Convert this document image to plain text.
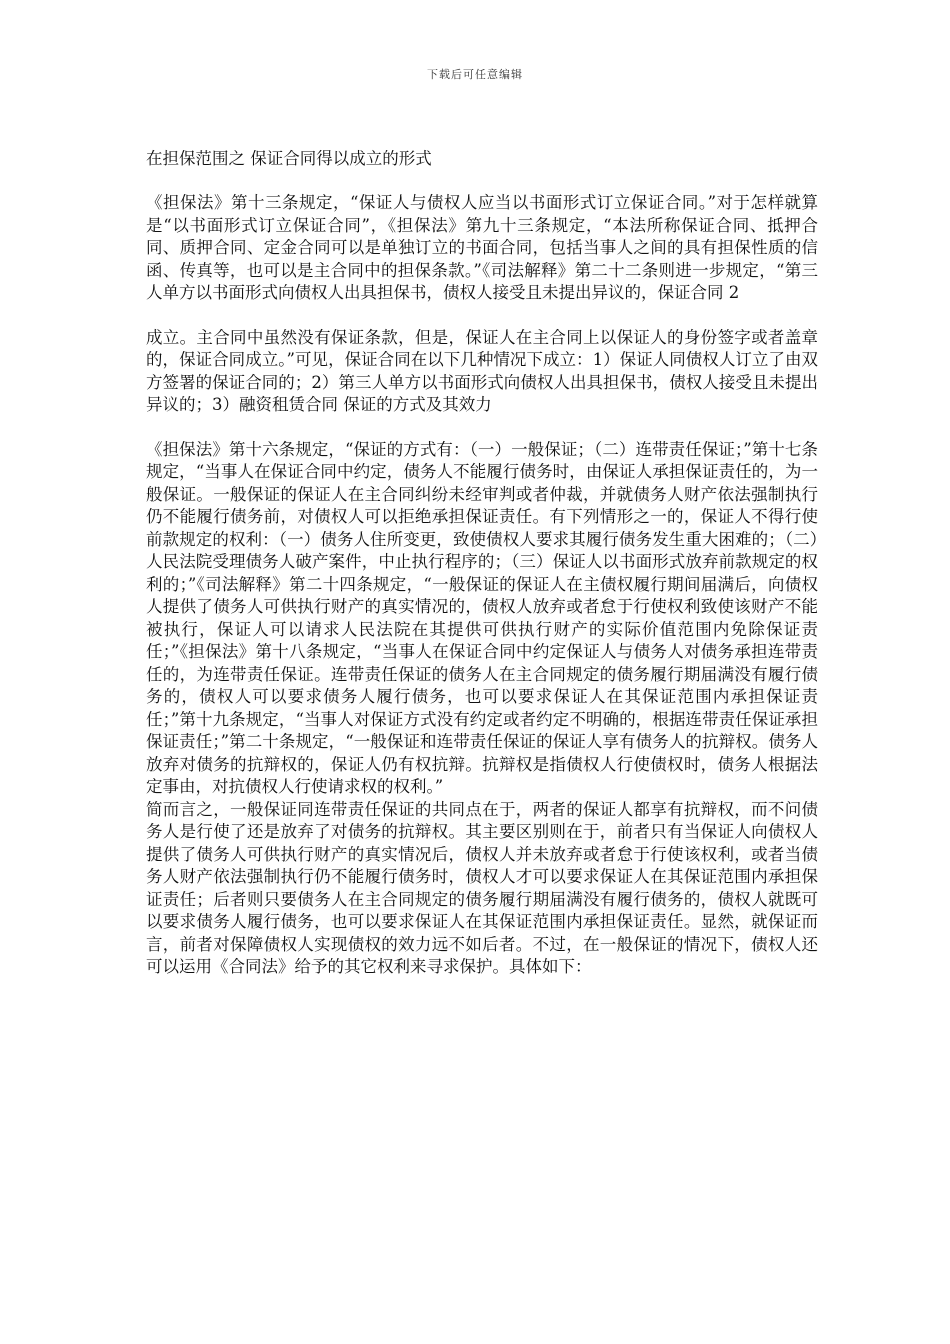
下载后可任意编辑
在担保范围之 保证合同得以成立的形式

《担保法》第十三条规定，“保证人与债权人应当以书面形式订立保证合同。”对于怎样就算是“以书面形式订立保证合同”，《担保法》第九十三条规定，“本法所称保证合同、抵押合同、质押合同、定金合同可以是单独订立的书面合同，包括当事人之间的具有担保性质的信函、传真等，也可以是主合同中的担保条款。”《司法解释》第二十二条则进一步规定，“第三人单方以书面形式向债权人出具担保书，债权人接受且未提出异议的，保证合同 2

成立。主合同中虽然没有保证条款，但是，保证人在主合同上以保证人的身份签字或者盖章的，保证合同成立。”可见，保证合同在以下几种情况下成立：1）保证人同债权人订立了由双方签署的保证合同的；2）第三人单方以书面形式向债权人出具担保书，债权人接受且未提出异议的；3）融资租赁合同 保证的方式及其效力

《担保法》第十六条规定，“保证的方式有：（一）一般保证；（二）连带责任保证；”第十七条规定，“当事人在保证合同中约定，债务人不能履行债务时，由保证人承担保证责任的，为一般保证。一般保证的保证人在主合同纠纷未经审判或者仲裁，并就债务人财产依法强制执行仍不能履行债务前，对债权人可以拒绝承担保证责任。有下列情形之一的，保证人不得行使前款规定的权利：（一）债务人住所变更，致使债权人要求其履行债务发生重大困难的；（二）人民法院受理债务人破产案件，中止执行程序的；（三）保证人以书面形式放弃前款规定的权利的；”《司法解释》第二十四条规定，“一般保证的保证人在主债权履行期间届满后，向债权人提供了债务人可供执行财产的真实情况的，债权人放弃或者怠于行使权利致使该财产不能被执行，保证人可以请求人民法院在其提供可供执行财产的实际价值范围内免除保证责任；”《担保法》第十八条规定，“当事人在保证合同中约定保证人与债务人对债务承担连带责任的，为连带责任保证。连带责任保证的债务人在主合同规定的债务履行期届满没有履行债务的，债权人可以要求债务人履行债务，也可以要求保证人在其保证范围内承担保证责任；”第十九条规定，“当事人对保证方式没有约定或者约定不明确的，根据连带责任保证承担保证责任；”第二十条规定，“一般保证和连带责任保证的保证人享有债务人的抗辩权。债务人放弃对债务的抗辩权的，保证人仍有权抗辩。抗辩权是指债权人行使债权时，债务人根据法定事由，对抗债权人行使请求权的权利。”

简而言之，一般保证同连带责任保证的共同点在于，两者的保证人都享有抗辩权，而不问债务人是行使了还是放弃了对债务的抗辩权。其主要区别则在于，前者只有当保证人向债权人提供了债务人可供执行财产的真实情况后，债权人并未放弃或者怠于行使该权利，或者当债务人财产依法强制执行仍不能履行债务时，债权人才可以要求保证人在其保证范围内承担保证责任；后者则只要债务人在主合同规定的债务履行期届满没有履行债务的，债权人就既可以要求债务人履行债务，也可以要求保证人在其保证范围内承担保证责任。显然，就保证而言，前者对保障债权人实现债权的效力远不如后者。不过，在一般保证的情况下，债权人还可以运用《合同法》给予的其它权利来寻求保护。具体如下：
